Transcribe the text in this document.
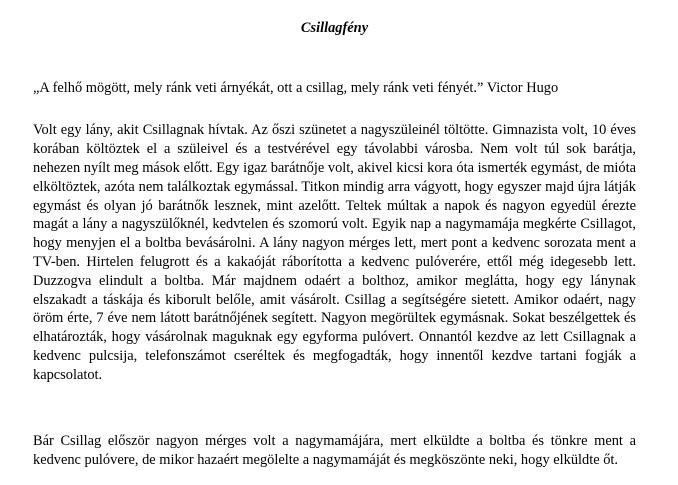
Csillagfény
„A felhő mögött, mely ránk veti árnyékát, ott a csillag, mely ránk veti fényét.” Victor Hugo

Volt egy lány, akit Csillagnak hívtak. Az őszi szünetet a nagyszüleinél töltötte. Gimnazista volt, 10 éves korában költöztek el a szüleivel és a testvérével egy távolabbi városba. Nem volt túl sok barátja, nehezen nyílt meg mások előtt. Egy igaz barátnője volt, akivel kicsi kora óta ismerték egymást, de mióta elköltöztek, azóta nem találkoztak egymással. Titkon mindig arra vágyott, hogy egyszer majd újra látják egymást és olyan jó barátnők lesznek, mint azelőtt. Teltek múltak a napok és nagyon egyedül érezte magát a lány a nagyszülőknél, kedvtelen és szomorú volt. Egyik nap a nagymamája megkérte Csillagot, hogy menyjen el a boltba bevásárolni. A lány nagyon mérges lett, mert pont a kedvenc sorozata ment a TV-ben. Hirtelen felugrott és a kakaóját ráborította a kedvenc pulóverére, ettől még idegesebb lett. Duzzogva elindult a boltba. Már majdnem odaért a bolthoz, amikor meglátta, hogy egy lánynak elszakadt a táskája és kiborult belőle, amit vásárolt. Csillag a segítségére sietett. Amikor odaért, nagy öröm érte, 7 éve nem látott barátnőjének segített. Nagyon megörültek egymásnak. Sokat beszélgettek és elhatározták, hogy vásárolnak maguknak egy egyforma pulóvert. Onnantól kezdve az lett Csillagnak a kedvenc pulcsija, telefonszámot cseréltek és megfogadták, hogy innentől kezdve tartani fogják a kapcsolatot.

Bár Csillag először nagyon mérges volt a nagymamájára, mert elküldte a boltba és tönkre ment a kedvenc pulóvere, de mikor hazaért megölelte a nagymamáját és megköszönte neki, hogy elküldte őt.
